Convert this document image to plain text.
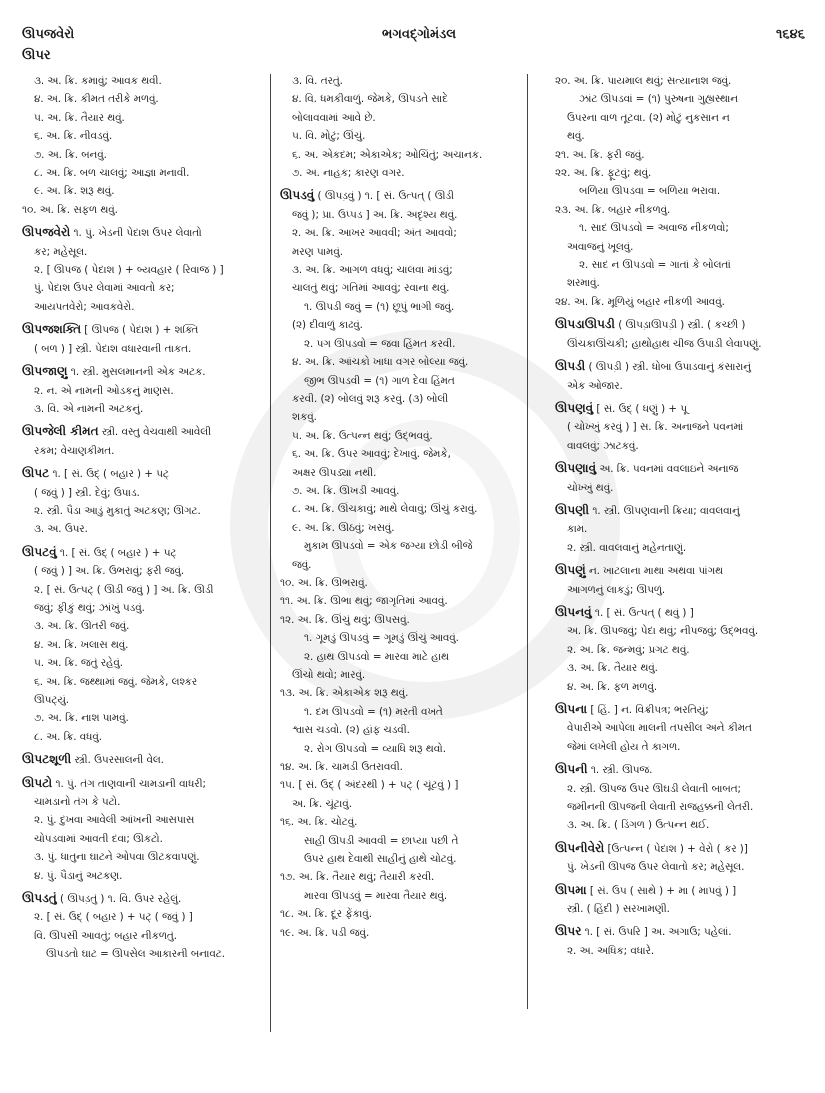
ઊપજવેરો	ભગવદ્ગોમંડલ	૧૬૪૬
ઊપર
૩. અ. ક્રિ. કમાવું; આવક થવી.
૪. અ. ક્રિ. કીમત તરીકે મળવું.
૫. અ. ક્રિ. તૈયાર થવું.
૬. અ. ક્રિ. નીવડવું.
૭. અ. ક્રિ. બનવું.
૮. અ. ક્રિ. બળ ચાલવું; આજ્ઞા મનાવી.
૯. અ. ક્રિ. શરૂ થવું.
૧૦. અ. ક્રિ. સફળ થવું.
ઊપજવેરો ૧. પું. ખેડની પેદાશ ઉપર લેવાતો
કર; મહેસૂલ.
૨. [ ઊપજ ( પેદાશ ) + બ્યવહાર ( રિવાજ ) ]
પું. પેદાશ ઉપર લેવામાં આવતો કર;
આયપતવેરો; આવકવેરો.
ઊપજશક્તિ [ ઊપજ ( પેદાશ ) + શક્તિ
( બળ ) ] સ્ત્રી. પેદાશ વધારવાની તાકત.
ઊપજાણુ ૧. સ્ત્રી. મુસલમાનની એક અટક.
૨. ન. એ નામની ઓડકનું માણસ.
૩. વિ. એ નામની અટકનું.
ઊપજેલી કીમત સ્ત્રી. વસ્તુ વેચવાથી આવેલી
રકમ; વેચાણકીમત.
ઊપટ ૧. [ સં. ઉદ્ ( બહાર ) + પટ્
( જવું ) ] સ્ત્રી. દેવું; ઉપાડ.
૨. સ્ત્રી. પૈડા આડું મુકાતું અટકણ; ઊગટ.
૩. અ. ઉપર.
ઊપટવું ૧. [ સં. ઉદ્ ( બહાર ) + પટ્
( જવું ) ] અ. ક્રિ. ઉભરાવું; ફરી જવું.
૨. [ સં. ઉત્પટ્ ( ઊડી જવું ) ] અ. ક્રિ. ઊડી
જવું; ફીકું થવું; ઝાંખું પડવું.
૩. અ. ક્રિ. ઊતરી જવું.
૪. અ. ક્રિ. ખલાસ થવું.
૫. અ. ક્રિ. જતું રહેવું.
૬. અ. ક્રિ. જથ્થામાં જવું. જેમકે, લશ્કર
ઊપટ્યું.
૭. અ. ક્રિ. નાશ પામવું.
૮. અ. ક્રિ. વધવું.
ઊપટશૂળી સ્ત્રી. ઉપરસાલની વેલ.
ઊપટો ૧. પું. તંગ તાણવાની ચામડાની વાધરી;
ચામડાનો તંગ કે પટો.
૨. પું. દુખવા આવેલી આંખની આસપાસ
ચોપડવામાં આવતી દવા; ઊકટો.
૩. પું. ધાતુના ઘાટને ઓપવા ઊટકવાપણું.
૪. પું. પૈડાનું અટકણ.
ઊપડતું ( ઊપડ઼તું ) ૧. વિ. ઉપર રહેલું.
૨. [ સં. ઉદ્ ( બહાર ) + પટ્ ( જવું ) ]
વિ. ઊપસી આવતું; બહાર નીકળતું.
ઊપડતો ઘાટ = ઊપસેલ આકારની બનાવટ.
૩. વિ. તરતું.
૪. વિ. ધમકીવાળું. જેમકે, ઊપડતે સાદે
બોલાવવામાં આવે છે.
૫. વિ. મોટું; ઊંચું.
૬. અ. એકદમ; એકાએક; ઓચિંતું; અચાનક.
૭. અ. નાહક; કારણ વગર.
ઊપડવું ( ઊપડ઼વું ) ૧. [ સં. ઉત્પત્ ( ઊડી
જવું ); પ્રા. ઉપ્પડ ] અ. ક્રિ. અદૃશ્ય થવું.
૨. અ. ક્રિ. આખર આવવી; અંત આવવો;
મરણ પામવું.
૩. અ. ક્રિ. આગળ વધવું; ચાલવા માંડવું;
ચાલતું થવું; ગતિમાં આવવું; રવાના થવું.
૧. ઊપડી જવું = (૧) છૂપું ભાગી જવું.
(૨) દીવાળું કાઢવું.
૨. પગ ઊપડવો = જવા હિંમત કરવી.
૪. અ. ક્રિ. આંચકો ખાધા વગર બોલ્યા જવું.
જીભ ઊપડવી = (૧) ગાળ દેવા હિંમત
કરવી. (૨) બોલવું શરૂ કરવું. (૩) બોલી
શકવું.
૫. અ. ક્રિ. ઉત્પન્ન થવું; ઉદ્ભવવું.
૬. અ. ક્રિ. ઉપર આવવું; દેખાવું. જેમકે,
અક્ષર ઊપડ્યા નથી.
૭. અ. ક્રિ. ઊખડી આવવું.
૮. અ. ક્રિ. ઊંચકાવું; માથે લેવાવું; ઊંચું કરાવું.
૯. અ. ક્રિ. ઊઠવું; ખસવું.
મુકામ ઊપડવો = એક જગ્યા છોડી બીજે
જવું.
૧૦. અ. ક્રિ. ઊભરાવું.
૧૧. અ. ક્રિ. ઊભા થવું; જાગૃતિમાં આવવું.
૧૨. અ. ક્રિ. ઊંચું થવું; ઊપસવું.
૧. ગૂમડું ઊપડવું = ગૂમડું ઊંચું આવવું.
૨. હાથ ઊપડવો = મારવા માટે હાથ
ઊંચો થવો; મારવું.
૧૩. અ. ક્રિ. એકાએક શરૂ થવું.
૧. દમ ઊપડવો = (૧) મરતી વખતે
શ્વાસ ચડવો. (૨) હાંફ ચડવી.
૨. રોગ ઊપડવો = વ્યાધિ શરૂ થવો.
૧૪. અ. ક્રિ. ચામડી ઉતરાવવી.
૧૫. [ સં. ઉદ્ ( અંદરથી ) + પટ્ ( ચૂંટવું ) ]
અ. ક્રિ. ચૂંટાવું.
૧૬. અ. ક્રિ. ચોટવું.
સાહી ઊપડી આવવી = છાપ્યા પછી તે
ઉપર હાથ દેવાથી સાહીનું હાથે ચોટવું.
૧૭. અ. ક્રિ. તૈયાર થવું; તૈયારી કરવી.
મારવા ઊપડવું = મારવા તૈયાર થવું.
૧૮. અ. ક્રિ. દૂર ફેંકાવું.
૧૯. અ. ક્રિ. પડી જવું.
૨૦. અ. ક્રિ. પાયમાલ થવું; સત્યાનાશ જવું.
ઝાંટ ઊપડવાં = (૧) પુરુષના ગુહ્યસ્થાન
ઉપરના વાળ તૂટવા. (૨) મોટું નુકસાન ન
થવું.
૨૧. અ. ક્રિ. ફરી જવું.
૨૨. અ. ક્રિ. ફૂટવું; થવું.
બળિયા ઊપડવા = બળિયા ભરાવા.
૨૩. અ. ક્રિ. બહાર નીકળવું.
૧. સાદ ઊપડવો = અવાજ નીકળવો;
અવાજનું ખૂલવું.
૨. સાદ ન ઊપડવો = ગાતાં કે બોલતાં
શરમાવું.
૨૪. અ. ક્રિ. મૂળિયું બહાર નીકળી આવવું.
ઊપડાઊપડી ( ઊપડ઼ાઊપડ઼ી ) સ્ત્રી. ( કચ્છી )
ઊંચકાઊંચકી; હાથોહાથ ચીજ ઉપાડી લેવાપણું.
ઊપડી ( ઊપડ઼ી ) સ્ત્રી. ધોબા ઉપાડવાનું કંસારાનું
એક ઓજાર.
ઊપણવું [ સં. ઉદ્ ( ધણું ) + પૂ
( ચોખ્ખું કરવું ) ] સ. ક્રિ. અનાજને પવનમાં
વાવલવું; ઝાટકવું.
ઊપણાવું અ. ક્રિ. પવનમાં વવલાઇને અનાજ
ચોખ્ખું થવું.
ઊપણી ૧. સ્ત્રી. ઊપણવાની ક્રિયા; વાવલવાનું
કામ.
૨. સ્ત્રી. વાવલવાનું મહેનતાણું.
ઊપણું ન. ખાટલાના માથા અથવા પાંગથ
આગળનું લાકડું; ઊપળું.
ઊપનવું ૧. [ સં. ઉત્પત્ ( થવું ) ]
અ. ક્રિ. ઊપજવું; પેદા થવું; નીપજવું; ઉદ્ભવવું.
૨. અ. ક્રિ. જન્મવું; પ્રગટ થવું.
૩. અ. ક્રિ. તૈયાર થવું.
૪. અ. ક્રિ. ફળ મળવું.
ઊપના [ હિં. ] ન. વિક્રીપત્ર; ભરતિયું;
વેપારીએ આપેલા માલની તપસીલ અને કીમત
જેમાં લખેલી હોય તે કાગળ.
ઊપની ૧. સ્ત્રી. ઊપજ.
૨. સ્ત્રી. ઊપજ ઉપર ઊઘડી લેવાતી બાબત;
જમીનની ઊપજની લેવાતી રાજહક્કની લેતરી.
૩. અ. ક્રિ. ( ડિંગળ ) ઉત્પન્ન થઈ.
ઊપનીવેરો [ઉત્પન્ન ( પેદાશ ) + વેરો ( કર )]
પું. ખેડની ઊપજ ઉપર લેવાતો કર; મહેસૂલ.
ઊપમા [ સં. ઉપ ( સાથે ) + મા ( માપવું ) ]
સ્ત્રી. ( હિંદી ) સરખામણી.
ઊપર ૧. [ સં. ઉપરિ ] અ. અગાઉ; પહેલાં.
૨. અ. અધિક; વધારે.
